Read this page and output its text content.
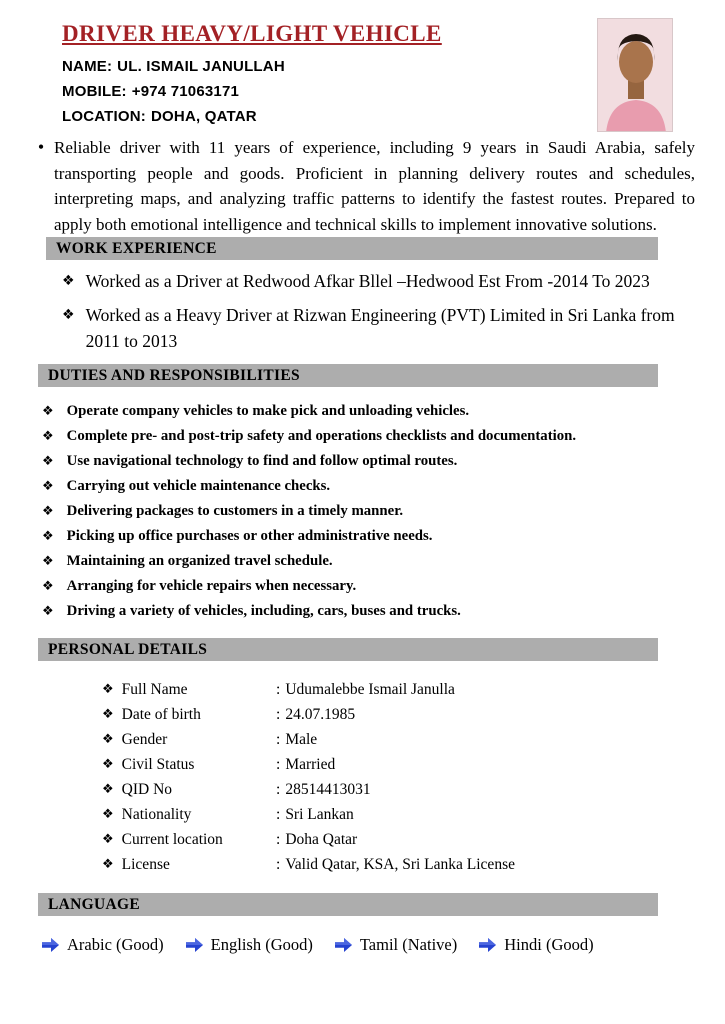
DRIVER HEAVY/LIGHT VEHICLE
NAME: UL. ISMAIL JANULLAH
MOBILE: +974 71063171
LOCATION: DOHA, QATAR
• Reliable driver with 11 years of experience, including 9 years in Saudi Arabia, safely transporting people and goods. Proficient in planning delivery routes and schedules, interpreting maps, and analyzing traffic patterns to identify the fastest routes. Prepared to apply both emotional intelligence and technical skills to implement innovative solutions.

WORK EXPERIENCE
❖ Worked as a Driver at Redwood Afkar Bllel –Hedwood Est From -2014 To 2023
❖ Worked as a Heavy Driver at Rizwan Engineering (PVT) Limited in Sri Lanka from 2011 to 2013
DUTIES AND RESPONSIBILITIES
❖ Operate company vehicles to make pick and unloading vehicles.
❖ Complete pre- and post-trip safety and operations checklists and documentation.
❖ Use navigational technology to find and follow optimal routes.
❖ Carrying out vehicle maintenance checks.
❖ Delivering packages to customers in a timely manner.
❖ Picking up office purchases or other administrative needs.
❖ Maintaining an organized travel schedule.
❖ Arranging for vehicle repairs when necessary.
❖ Driving a variety of vehicles, including, cars, buses and trucks.
PERSONAL DETAILS
❖ Full Name	: Udumalebbe Ismail Janulla
❖ Date of birth	: 24.07.1985
❖ Gender	: Male
❖ Civil Status	: Married
❖ QID No	: 28514413031
❖ Nationality	: Sri Lankan
❖ Current location	: Doha Qatar
❖ License	: Valid Qatar, KSA, Sri Lanka License
LANGUAGE
Arabic (Good)	English (Good)	Tamil (Native)	Hindi (Good)
